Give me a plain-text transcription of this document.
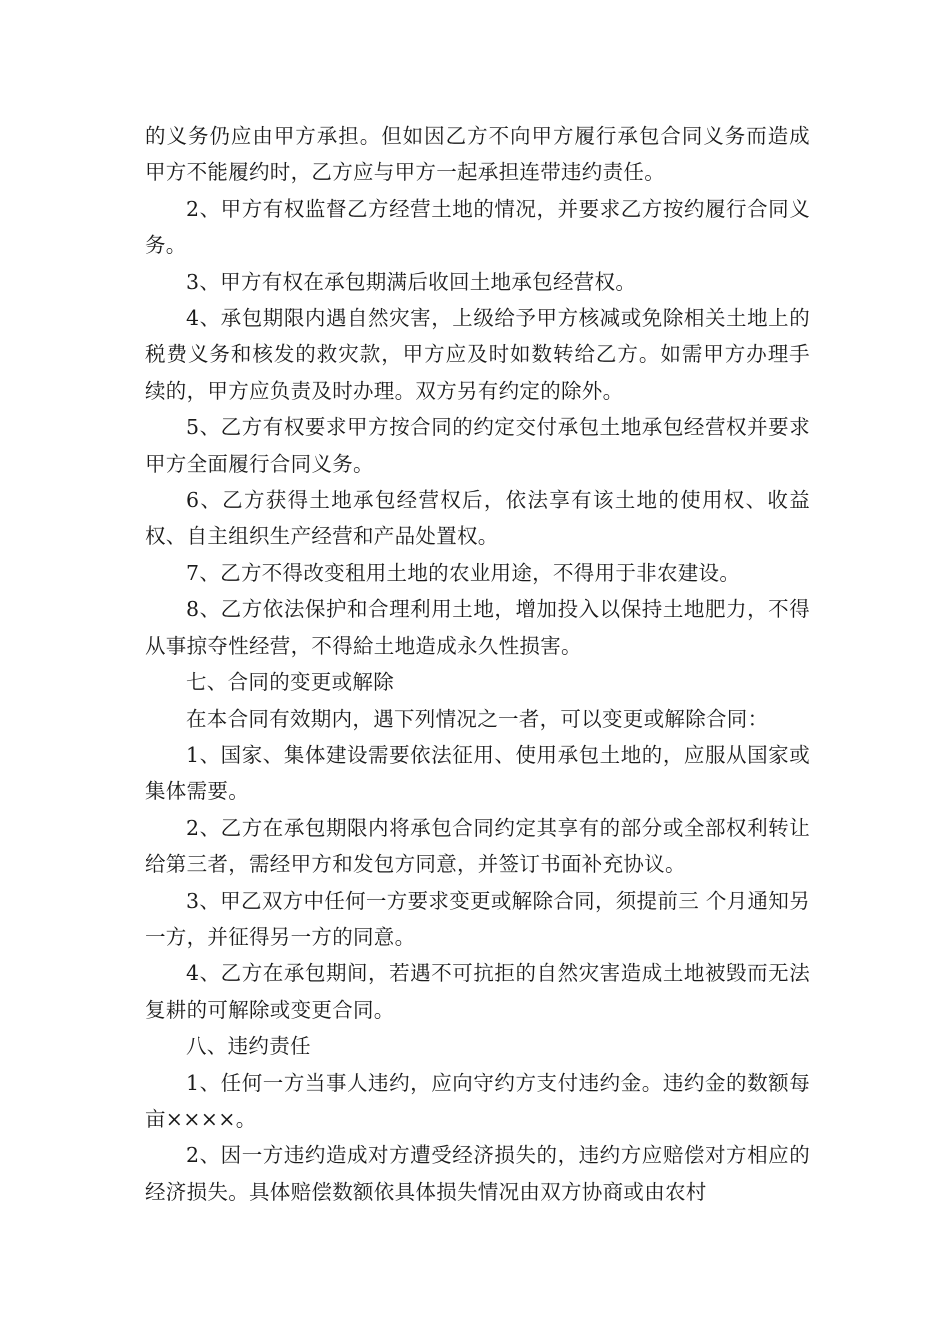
的义务仍应由甲方承担。但如因乙方不向甲方履行承包合同义务而造成甲方不能履约时，乙方应与甲方一起承担连带违约责任。

2、甲方有权监督乙方经营土地的情况，并要求乙方按约履行合同义务。

3、甲方有权在承包期满后收回土地承包经营权。

4、承包期限内遇自然灾害，上级给予甲方核减或免除相关土地上的税费义务和核发的救灾款，甲方应及时如数转给乙方。如需甲方办理手续的，甲方应负责及时办理。双方另有约定的除外。

5、乙方有权要求甲方按合同的约定交付承包土地承包经营权并要求甲方全面履行合同义务。

6、乙方获得土地承包经营权后，依法享有该土地的使用权、收益权、自主组织生产经营和产品处置权。

7、乙方不得改变租用土地的农业用途，不得用于非农建设。

8、乙方依法保护和合理利用土地，增加投入以保持土地肥力，不得从事掠夺性经营，不得給土地造成永久性损害。

七、合同的变更或解除

在本合同有效期内，遇下列情况之一者，可以变更或解除合同：

1、国家、集体建设需要依法征用、使用承包土地的，应服从国家或集体需要。

2、乙方在承包期限内将承包合同约定其享有的部分或全部权利转让给第三者，需经甲方和发包方同意，并签订书面补充协议。

3、甲乙双方中任何一方要求变更或解除合同，须提前三 个月通知另一方，并征得另一方的同意。

4、乙方在承包期间，若遇不可抗拒的自然灾害造成土地被毁而无法复耕的可解除或变更合同。

八、违约责任

1、任何一方当事人违约，应向守约方支付违约金。违约金的数额每亩××××。

2、因一方违约造成对方遭受经济损失的，违约方应赔偿对方相应的经济损失。具体赔偿数额依具体损失情况由双方协商或由农村
